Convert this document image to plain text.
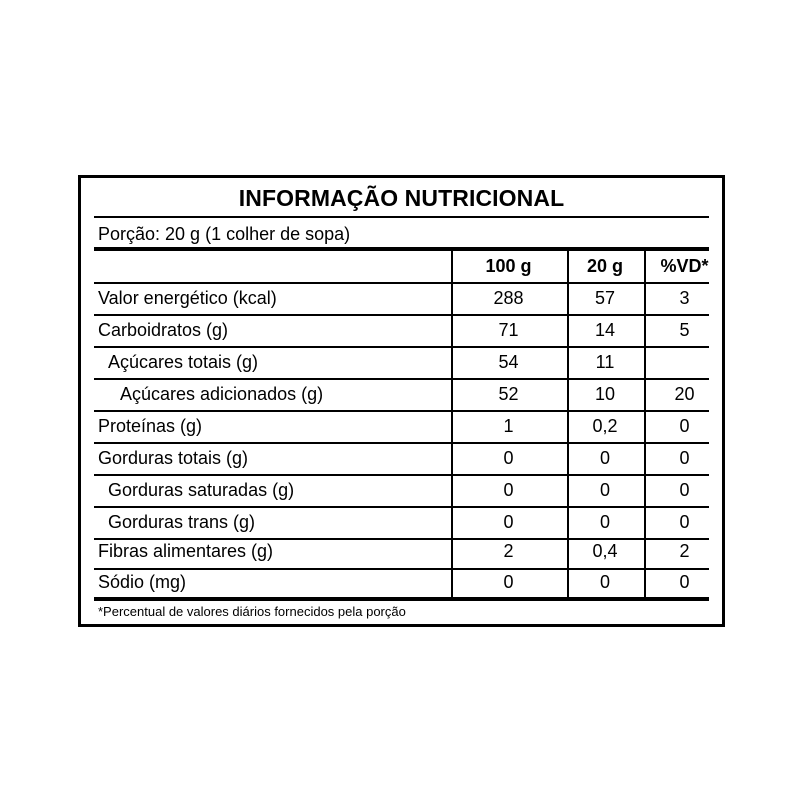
INFORMAÇÃO NUTRICIONAL
Porção: 20 g (1 colher de sopa)
100 g	20 g	%VD*
Valor energético (kcal)	288	57	3
Carboidratos (g)	71	14	5
Açúcares totais (g)	54	11
Açúcares adicionados (g)	52	10	20
Proteínas (g)	1	0,2	0
Gorduras totais (g)	0	0	0
Gorduras saturadas (g)	0	0	0
Gorduras trans (g)	0	0	0
Fibras alimentares (g)	2	0,4	2
Sódio (mg)	0	0	0
*Percentual de valores diários fornecidos pela porção
